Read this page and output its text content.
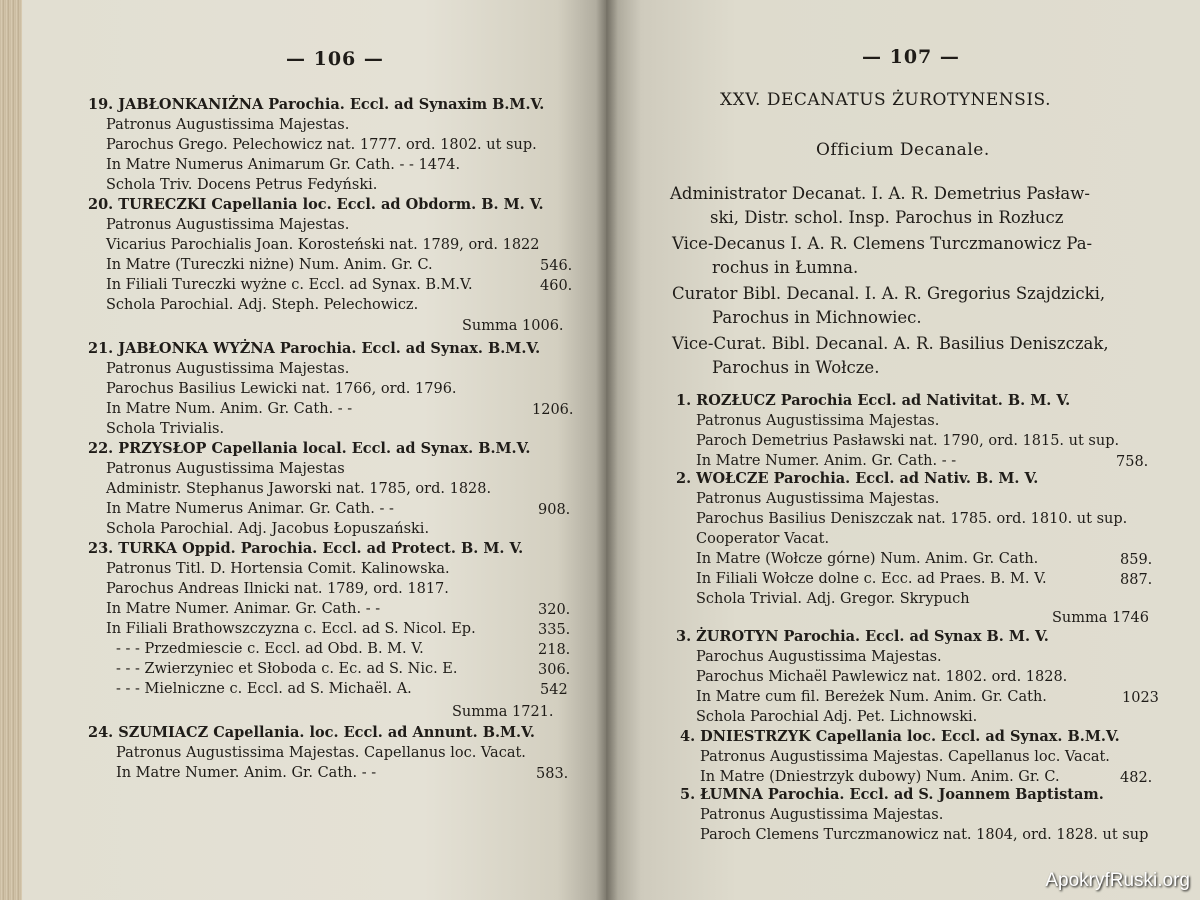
— 106 —
19. JABŁONKANIŻNA Parochia. Eccl. ad Synaxim B.M.V.
Patronus Augustissima Majestas.
Parochus Grego. Pelechowicz nat. 1777. ord. 1802. ut sup.
In Matre Numerus Animarum Gr. Cath. - - 1474.
Schola Triv. Docens Petrus Fedyński.
20. TURECZKI Capellania loc. Eccl. ad Obdorm. B. M. V.
Patronus Augustissima Majestas.
Vicarius Parochialis Joan. Korosteński nat. 1789, ord. 1822
In Matre (Tureczki niżne) Num. Anim. Gr. C.
In Filiali Tureczki wyżne c. Eccl. ad Synax. B.M.V.
Schola Parochial. Adj. Steph. Pelechowicz.
21. JABŁONKA WYŻNA Parochia. Eccl. ad Synax. B.M.V.
Patronus Augustissima Majestas.
Parochus Basilius Lewicki nat. 1766, ord. 1796.
In Matre Num. Anim. Gr. Cath. - -
Schola Trivialis.
22. PRZYSŁOP Capellania local. Eccl. ad Synax. B.M.V.
Patronus Augustissima Majestas
Administr. Stephanus Jaworski nat. 1785, ord. 1828.
In Matre Numerus Animar. Gr. Cath. - -
Schola Parochial. Adj. Jacobus Łopuszański.
23. TURKA Oppid. Parochia. Eccl. ad Protect. B. M. V.
Patronus Titl. D. Hortensia Comit. Kalinowska.
Parochus Andreas Ilnicki nat. 1789, ord. 1817.
In Matre Numer. Animar. Gr. Cath. - -
In Filiali Brathowszczyzna c. Eccl. ad S. Nicol. Ep.
- - - Przedmiescie c. Eccl. ad Obd. B. M. V.
- - - Zwierzyniec et Słoboda c. Ec. ad S. Nic. E.
- - - Mielniczne c. Eccl. ad S. Michaël. A.
24. SZUMIACZ Capellania. loc. Eccl. ad Annunt. B.M.V.
Patronus Augustissima Majestas. Capellanus loc. Vacat.
In Matre Numer. Anim. Gr. Cath. - -
546.
460.
Summa 1006.
1206.
908.
320.
335.
218.
306.
542
Summa 1721.
583.
— 107 —
XXV. DECANATUS ŻUROTYNENSIS.
Officium Decanale.
Administrator Decanat. I. A. R. Demetrius Pasław-
ski, Distr. schol. Insp. Parochus in Rozłucz
Vice-Decanus I. A. R. Clemens Turczmanowicz Pa-
rochus in Łumna.
Curator Bibl. Decanal. I. A. R. Gregorius Szajdzicki,
Parochus in Michnowiec.
Vice-Curat. Bibl. Decanal. A. R. Basilius Deniszczak,
Parochus in Wołcze.
1. ROZŁUCZ Parochia Eccl. ad Nativitat. B. M. V.
Patronus Augustissima Majestas.
Paroch Demetrius Pasławski nat. 1790, ord. 1815. ut sup.
In Matre Numer. Anim. Gr. Cath. - -
2. WOŁCZE Parochia. Eccl. ad Nativ. B. M. V.
Patronus Augustissima Majestas.
Parochus Basilius Deniszczak nat. 1785. ord. 1810. ut sup.
Cooperator Vacat.
In Matre (Wołcze górne) Num. Anim. Gr. Cath.
In Filiali Wołcze dolne c. Ecc. ad Praes. B. M. V.
Schola Trivial. Adj. Gregor. Skrypuch
3. ŻUROTYN Parochia. Eccl. ad Synax B. M. V.
Parochus Augustissima Majestas.
Parochus Michaël Pawlewicz nat. 1802. ord. 1828.
In Matre cum fil. Bereżek Num. Anim. Gr. Cath.
Schola Parochial Adj. Pet. Lichnowski.
4. DNIESTRZYK Capellania loc. Eccl. ad Synax. B.M.V.
Patronus Augustissima Majestas. Capellanus loc. Vacat.
In Matre (Dniestrzyk dubowy) Num. Anim. Gr. C.
5. ŁUMNA Parochia. Eccl. ad S. Joannem Baptistam.
Patronus Augustissima Majestas.
Paroch Clemens Turczmanowicz nat. 1804, ord. 1828. ut sup
758.
859.
887.
Summa 1746
1023
482.
ApokryfRuski.org
